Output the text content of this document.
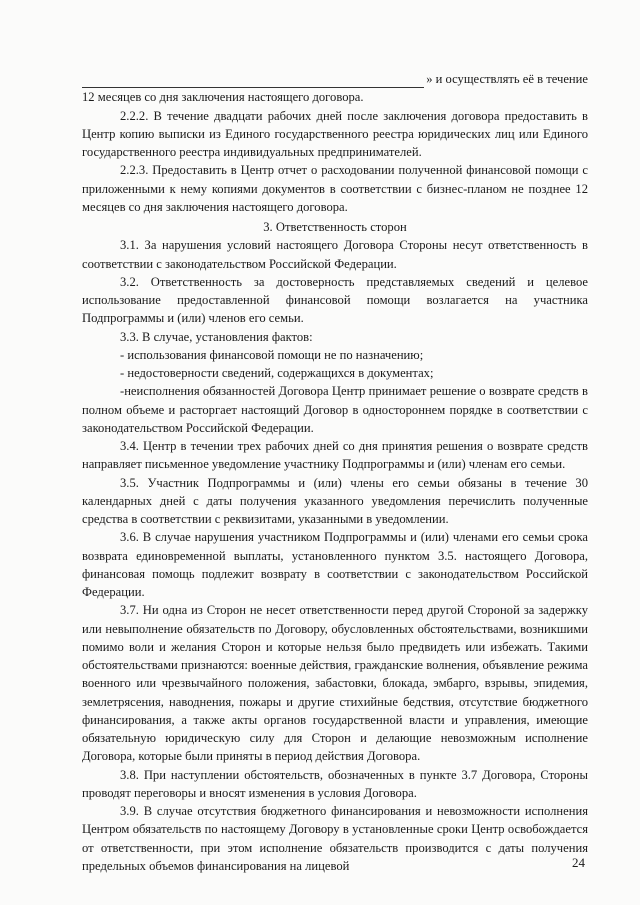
» и осуществлять её в течение

12 месяцев со дня заключения настоящего договора.

2.2.2. В течение двадцати рабочих дней после заключения договора предоставить в Центр копию выписки из Единого государственного реестра юридических лиц или Единого государственного реестра индивидуальных предпринимателей.

2.2.3. Предоставить в Центр отчет о расходовании полученной финансовой помощи с приложенными к нему копиями документов в соответствии с бизнес-планом не позднее 12 месяцев со дня заключения настоящего договора.

3. Ответственность сторон

3.1. За нарушения условий настоящего Договора Стороны несут ответственность в соответствии с законодательством Российской Федерации.

3.2. Ответственность за достоверность представляемых сведений и целевое использование предоставленной финансовой помощи возлагается на участника Подпрограммы и (или) членов его семьи.

3.3. В случае, установления фактов:

- использования финансовой помощи не по назначению;

- недостоверности сведений, содержащихся в документах;

-неисполнения обязанностей Договора Центр принимает решение о возврате средств в полном объеме и расторгает настоящий Договор в одностороннем порядке в соответствии с законодательством Российской Федерации.

3.4. Центр в течении трех рабочих дней со дня принятия решения о возврате средств направляет письменное уведомление участнику Подпрограммы и (или) членам его семьи.

3.5. Участник Подпрограммы и (или) члены его семьи обязаны в течение 30 календарных дней с даты получения указанного уведомления перечислить полученные средства в соответствии с реквизитами, указанными в уведомлении.

3.6. В случае нарушения участником Подпрограммы и (или) членами его семьи срока возврата единовременной выплаты, установленного пунктом 3.5. настоящего Договора, финансовая помощь подлежит возврату в соответствии с законодательством Российской Федерации.

3.7. Ни одна из Сторон не несет ответственности перед другой Стороной за задержку или невыполнение обязательств по Договору, обусловленных обстоятельствами, возникшими помимо воли и желания Сторон и которые нельзя было предвидеть или избежать. Такими обстоятельствами признаются: военные действия, гражданские волнения, объявление режима военного или чрезвычайного положения, забастовки, блокада, эмбарго, взрывы, эпидемия, землетрясения, наводнения, пожары и другие стихийные бедствия, отсутствие бюджетного финансирования, а также акты органов государственной власти и управления, имеющие обязательную юридическую силу для Сторон и делающие невозможным исполнение Договора, которые были приняты в период действия Договора.

3.8. При наступлении обстоятельств, обозначенных в пункте 3.7 Договора, Стороны проводят переговоры и вносят изменения в условия Договора.

3.9. В случае отсутствия бюджетного финансирования и невозможности исполнения Центром обязательств по настоящему Договору в установленные сроки Центр освобождается от ответственности, при этом исполнение обязательств производится с даты получения предельных объемов финансирования на лицевой	24
